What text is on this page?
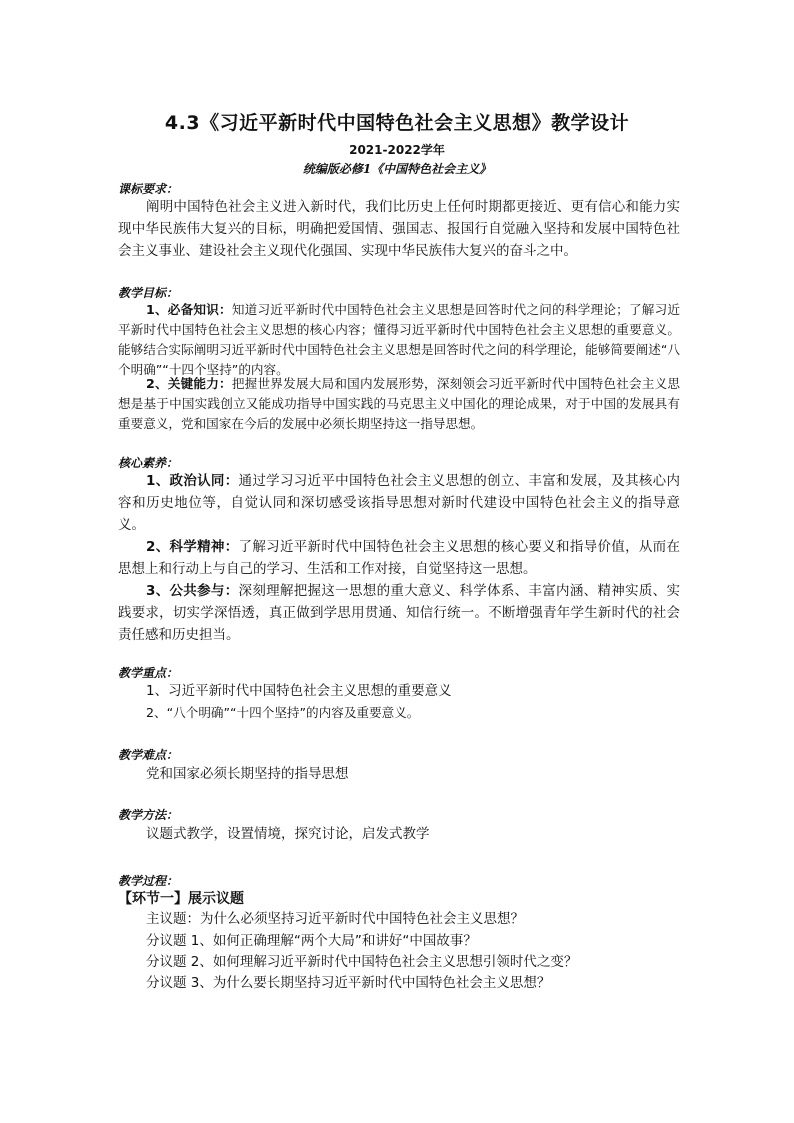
4.3《习近平新时代中国特色社会主义思想》教学设计
2021-2022学年
统编版必修1《中国特色社会主义》
课标要求：
阐明中国特色社会主义进入新时代，我们比历史上任何时期都更接近、更有信心和能力实现中华民族伟大复兴的目标，明确把爱国情、强国志、报国行自觉融入坚持和发展中国特色社会主义事业、建设社会主义现代化强国、实现中华民族伟大复兴的奋斗之中。
教学目标：
1、必备知识：知道习近平新时代中国特色社会主义思想是回答时代之问的科学理论；了解习近平新时代中国特色社会主义思想的核心内容；懂得习近平新时代中国特色社会主义思想的重要意义。能够结合实际阐明习近平新时代中国特色社会主义思想是回答时代之问的科学理论，能够简要阐述“八个明确”“十四个坚持”的内容。
2、关键能力：把握世界发展大局和国内发展形势，深刻领会习近平新时代中国特色社会主义思想是基于中国实践创立又能成功指导中国实践的马克思主义中国化的理论成果，对于中国的发展具有重要意义，党和国家在今后的发展中必须长期坚持这一指导思想。
核心素养：
1、政治认同：通过学习习近平中国特色社会主义思想的创立、丰富和发展，及其核心内容和历史地位等，自觉认同和深切感受该指导思想对新时代建设中国特色社会主义的指导意义。
2、科学精神：了解习近平新时代中国特色社会主义思想的核心要义和指导价值，从而在思想上和行动上与自己的学习、生活和工作对接，自觉坚持这一思想。
3、公共参与：深刻理解把握这一思想的重大意义、科学体系、丰富内涵、精神实质、实践要求，切实学深悟透，真正做到学思用贯通、知信行统一。不断增强青年学生新时代的社会责任感和历史担当。
教学重点：
1、习近平新时代中国特色社会主义思想的重要意义
2、“八个明确”“十四个坚持”的内容及重要意义。
教学难点：
党和国家必须长期坚持的指导思想
教学方法：
议题式教学，设置情境，探究讨论，启发式教学
教学过程：
【环节一】展示议题
主议题：为什么必须坚持习近平新时代中国特色社会主义思想？
分议题 1、如何正确理解“两个大局”和讲好“中国故事？
分议题 2、如何理解习近平新时代中国特色社会主义思想引领时代之变？
分议题 3、为什么要长期坚持习近平新时代中国特色社会主义思想？
